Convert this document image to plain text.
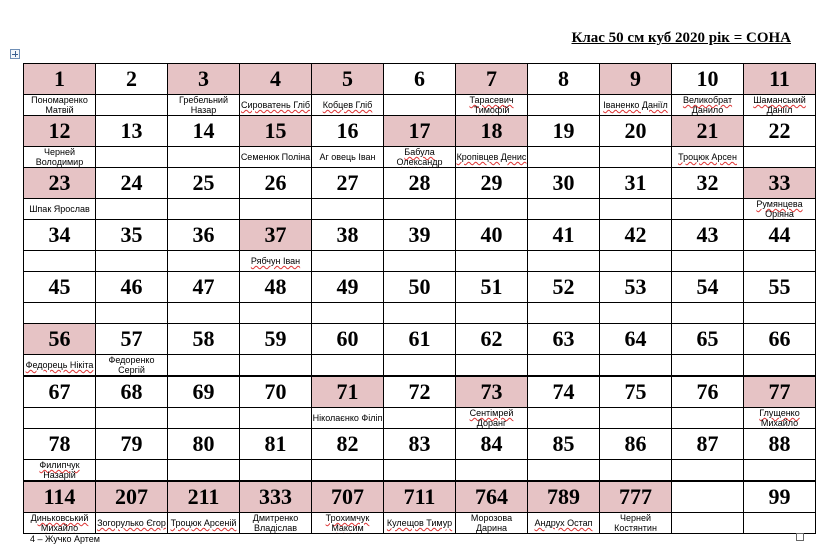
Клас 50 см куб 2020 рік = СОНА
1	2	3	4	5	6	7	8	9	10	11
Пономаренко Матвій		Гребельний Назар	Сироватень Гліб	Кобцев Гліб		Тарасевич Тимофій		Іваненко Даніїл	Великобрат Данило	Шаманський Даніїл
12	13	14	15	16	17	18	19	20	21	22
Черней Володимир			Семенюк Поліна	Аг овець Іван	Бабула Олександр	Кропівцев Денис			Троцюк Арсен	
23	24	25	26	27	28	29	30	31	32	33
Шпак Ярослав										Румянцева Оріяна
34	35	36	37	38	39	40	41	42	43	44
			Рябчун Іван							
45	46	47	48	49	50	51	52	53	54	55

56	57	58	59	60	61	62	63	64	65	66
Федорець Нікіта	Федоренко Сергій									
67	68	69	70	71	72	73	74	75	76	77
				Ніколаєнко Філіп		Сентімрей Доранг				Глущенко Михайло
78	79	80	81	82	83	84	85	86	87	88
Филипчук Назарій										
114	207	211	333	707	711	764	789	777		99
Диньковський Михайло	Зогорулько Єгор	Троцюк Арсеній	Дмитренко Владіслав	Трохимчук Максим	Кулещов Тимур	Морозова Дарина	Андрух Остап	Черней Костянтин		
4 – Жучко Артем
